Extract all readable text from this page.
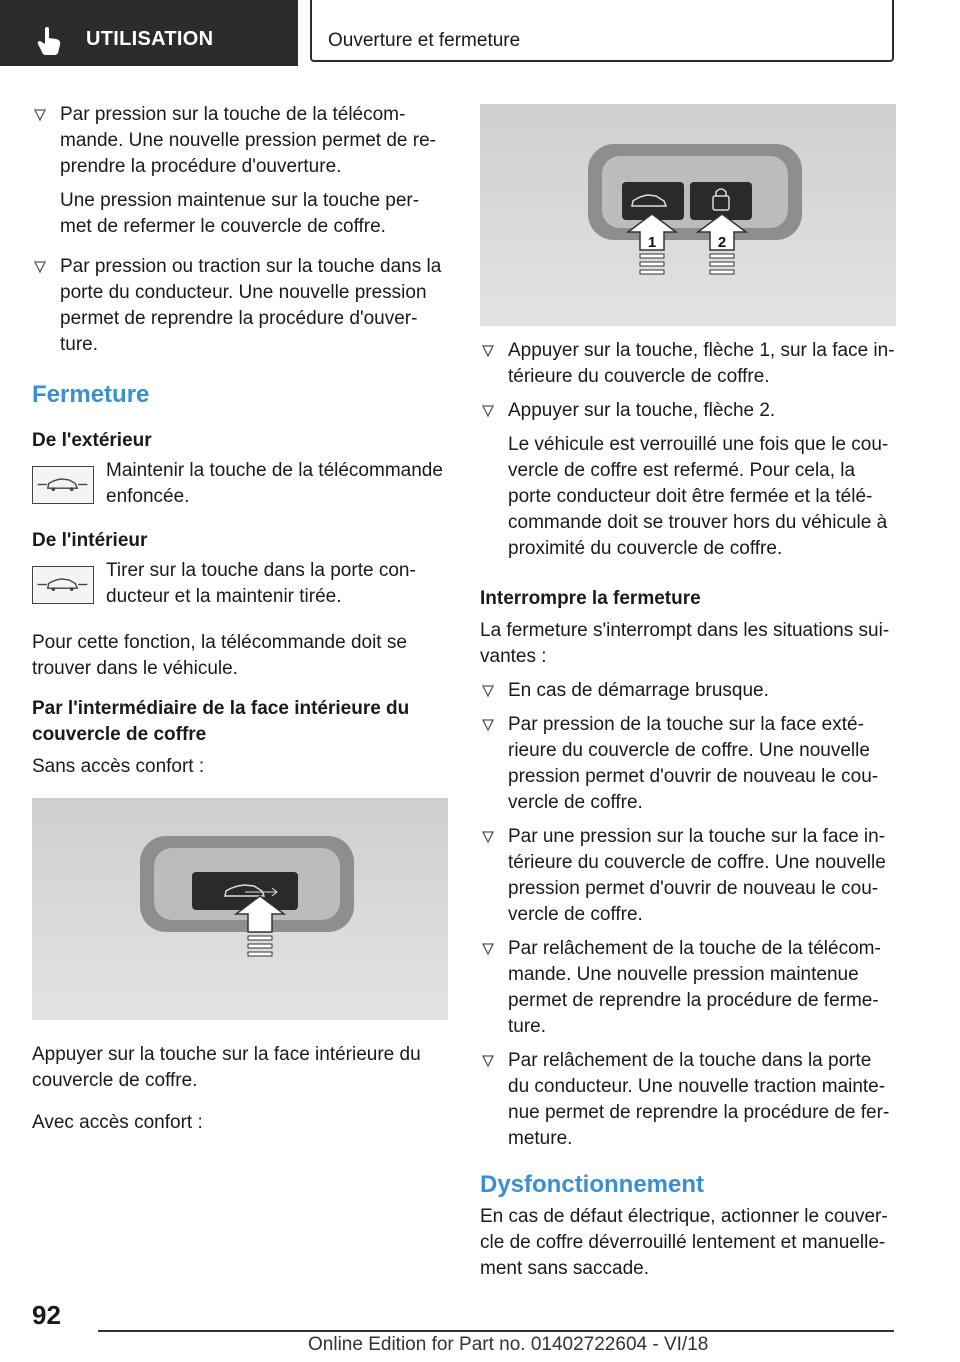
UTILISATION	Ouverture et fermeture

Par pression sur la touche de la télécom-mande. Une nouvelle pression permet de re-prendre la procédure d'ouverture.

Une pression maintenue sur la touche per-met de refermer le couvercle de coffre.

Par pression ou traction sur la touche dans la porte du conducteur. Une nouvelle pression permet de reprendre la procédure d'ouver-ture.

Fermeture
De l'extérieur
Maintenir la touche de la télécommande enfoncée.
De l'intérieur
Tirer sur la touche dans la porte con-ducteur et la maintenir tirée.

Pour cette fonction, la télécommande doit se trouver dans le véhicule.

Par l'intermédiaire de la face intérieure du couvercle de coffre

Sans accès confort :

Appuyer sur la touche sur la face intérieure du couvercle de coffre.

Avec accès confort :

1	2

Appuyer sur la touche, flèche 1, sur la face in-térieure du couvercle de coffre.

Appuyer sur la touche, flèche 2.

Le véhicule est verrouillé une fois que le cou-vercle de coffre est refermé. Pour cela, la porte conducteur doit être fermée et la télé-commande doit se trouver hors du véhicule à proximité du couvercle de coffre.

Interrompre la fermeture

La fermeture s'interrompt dans les situations sui-vantes :

En cas de démarrage brusque.

Par pression de la touche sur la face exté-rieure du couvercle de coffre. Une nouvelle pression permet d'ouvrir de nouveau le cou-vercle de coffre.

Par une pression sur la touche sur la face in-térieure du couvercle de coffre. Une nouvelle pression permet d'ouvrir de nouveau le cou-vercle de coffre.

Par relâchement de la touche de la télécom-mande. Une nouvelle pression maintenue permet de reprendre la procédure de ferme-ture.

Par relâchement de la touche dans la porte du conducteur. Une nouvelle traction mainte-nue permet de reprendre la procédure de fer-meture.

Dysfonctionnement

En cas de défaut électrique, actionner le couver-cle de coffre déverrouillé lentement et manuelle-ment sans saccade.

92
Online Edition for Part no. 01402722604 - VI/18
